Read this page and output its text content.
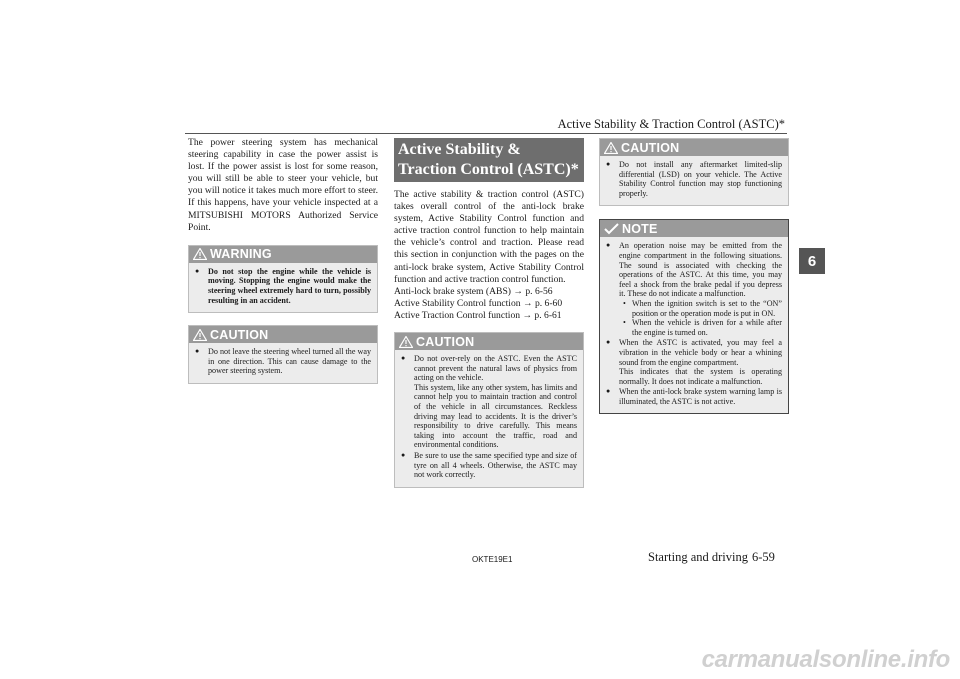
Active Stability & Traction Control (ASTC)*

The power steering system has mechanical steering capability in case the power assist is lost. If the power assist is lost for some reason, you will still be able to steer your vehicle, but you will notice it takes much more effort to steer. If this happens, have your vehicle inspected at a MITSUBISHI MOTORS Authorized Service Point.

WARNING
●	Do not stop the engine while the vehicle is moving. Stopping the engine would make the steering wheel extremely hard to turn, possibly resulting in an accident.
CAUTION
●	Do not leave the steering wheel turned all the way in one direction. This can cause damage to the power steering system.
Active Stability & Traction Control (ASTC)*

The active stability & traction control (ASTC) takes overall control of the anti-lock brake system, Active Stability Control function and active traction control function to help maintain the vehicle’s control and traction. Please read this section in conjunction with the pages on the anti-lock brake system, Active Stability Control function and active traction control function.

Anti-lock brake system (ABS) → p. 6-56
Active Stability Control function → p. 6-60
Active Traction Control function → p. 6-61
CAUTION
●	Do not over-rely on the ASTC. Even the ASTC cannot prevent the natural laws of physics from acting on the vehicle.
This system, like any other system, has limits and cannot help you to maintain traction and control of the vehicle in all circumstances. Reckless driving may lead to accidents. It is the driver’s responsibility to drive carefully. This means taking into account the traffic, road and environmental conditions.
●	Be sure to use the same specified type and size of tyre on all 4 wheels. Otherwise, the ASTC may not work correctly.
CAUTION
●	Do not install any aftermarket limited-slip differential (LSD) on your vehicle. The Active Stability Control function may stop functioning properly.
NOTE
●	An operation noise may be emitted from the engine compartment in the following situations. The sound is associated with checking the operations of the ASTC. At this time, you may feel a shock from the brake pedal if you depress it. These do not indicate a malfunction.
• When the ignition switch is set to the “ON” position or the operation mode is put in ON.
• When the vehicle is driven for a while after the engine is turned on.
●	When the ASTC is activated, you may feel a vibration in the vehicle body or hear a whining sound from the engine compartment.
This indicates that the system is operating normally. It does not indicate a malfunction.
●	When the anti-lock brake system warning lamp is illuminated, the ASTC is not active.
6
OKTE19E1	Starting and driving 6-59
carmanualsonline.info
